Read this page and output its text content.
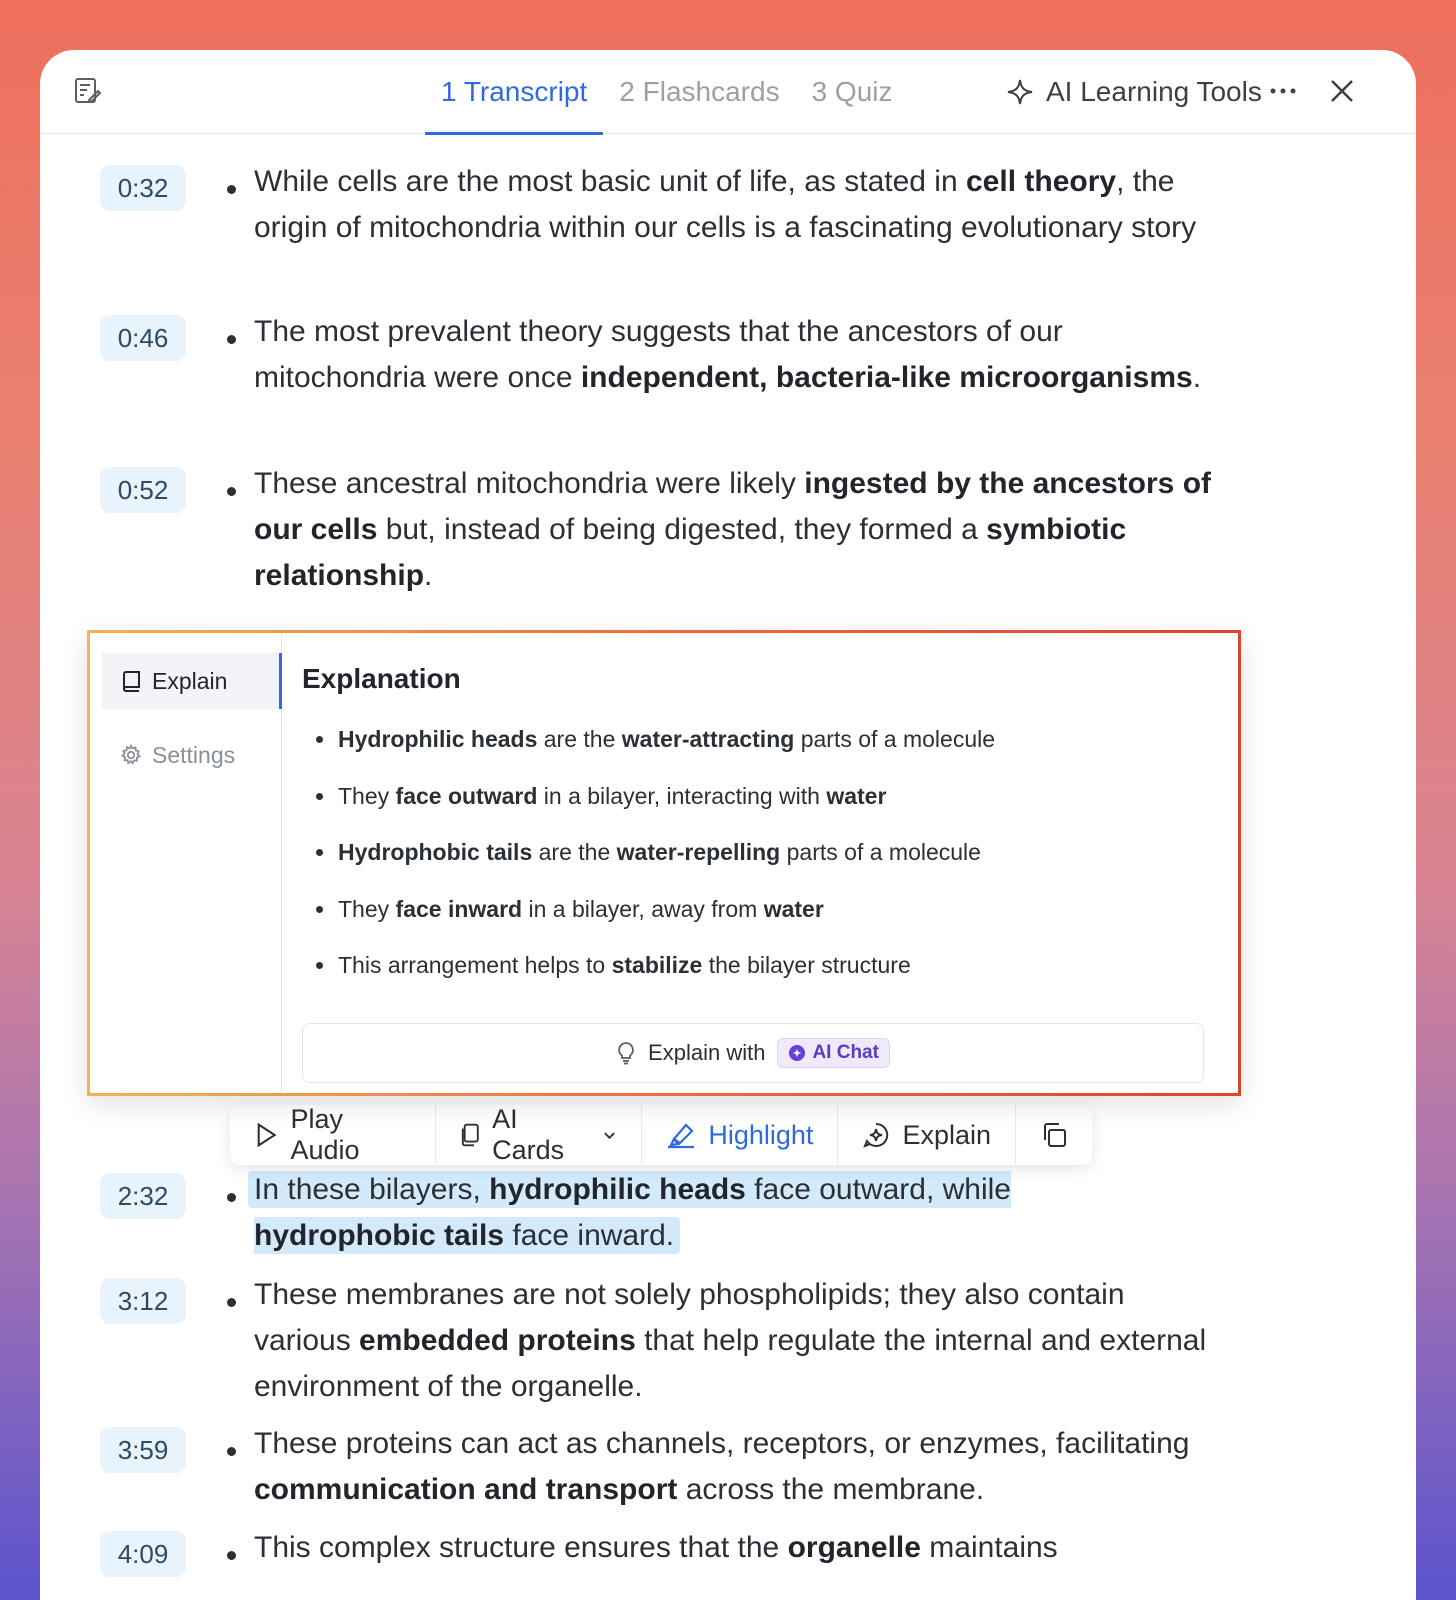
1 Transcript	2 Flashcards	3 Quiz	AI Learning Tools
0:32	While cells are the most basic unit of life, as stated in cell theory, the origin of mitochondria within our cells is a fascinating evolutionary story
0:46	The most prevalent theory suggests that the ancestors of our mitochondria were once independent, bacteria-like microorganisms.
0:52	These ancestral mitochondria were likely ingested by the ancestors of our cells but, instead of being digested, they formed a symbiotic relationship.
2:32	In these bilayers, hydrophilic heads face outward, while hydrophobic tails face inward.
3:12	These membranes are not solely phospholipids; they also contain various embedded proteins that help regulate the internal and external environment of the organelle.
3:59	These proteins can act as channels, receptors, or enzymes, facilitating communication and transport across the membrane.
4:09	This complex structure ensures that the organelle maintains
Play Audio
AI Cards
Highlight	Explain
Explain
Settings
Explanation
Hydrophilic heads are the water-attracting parts of a molecule
They face outward in a bilayer, interacting with water
Hydrophobic tails are the water-repelling parts of a molecule
They face inward in a bilayer, away from water
This arrangement helps to stabilize the bilayer structure
Explain with AI Chat
